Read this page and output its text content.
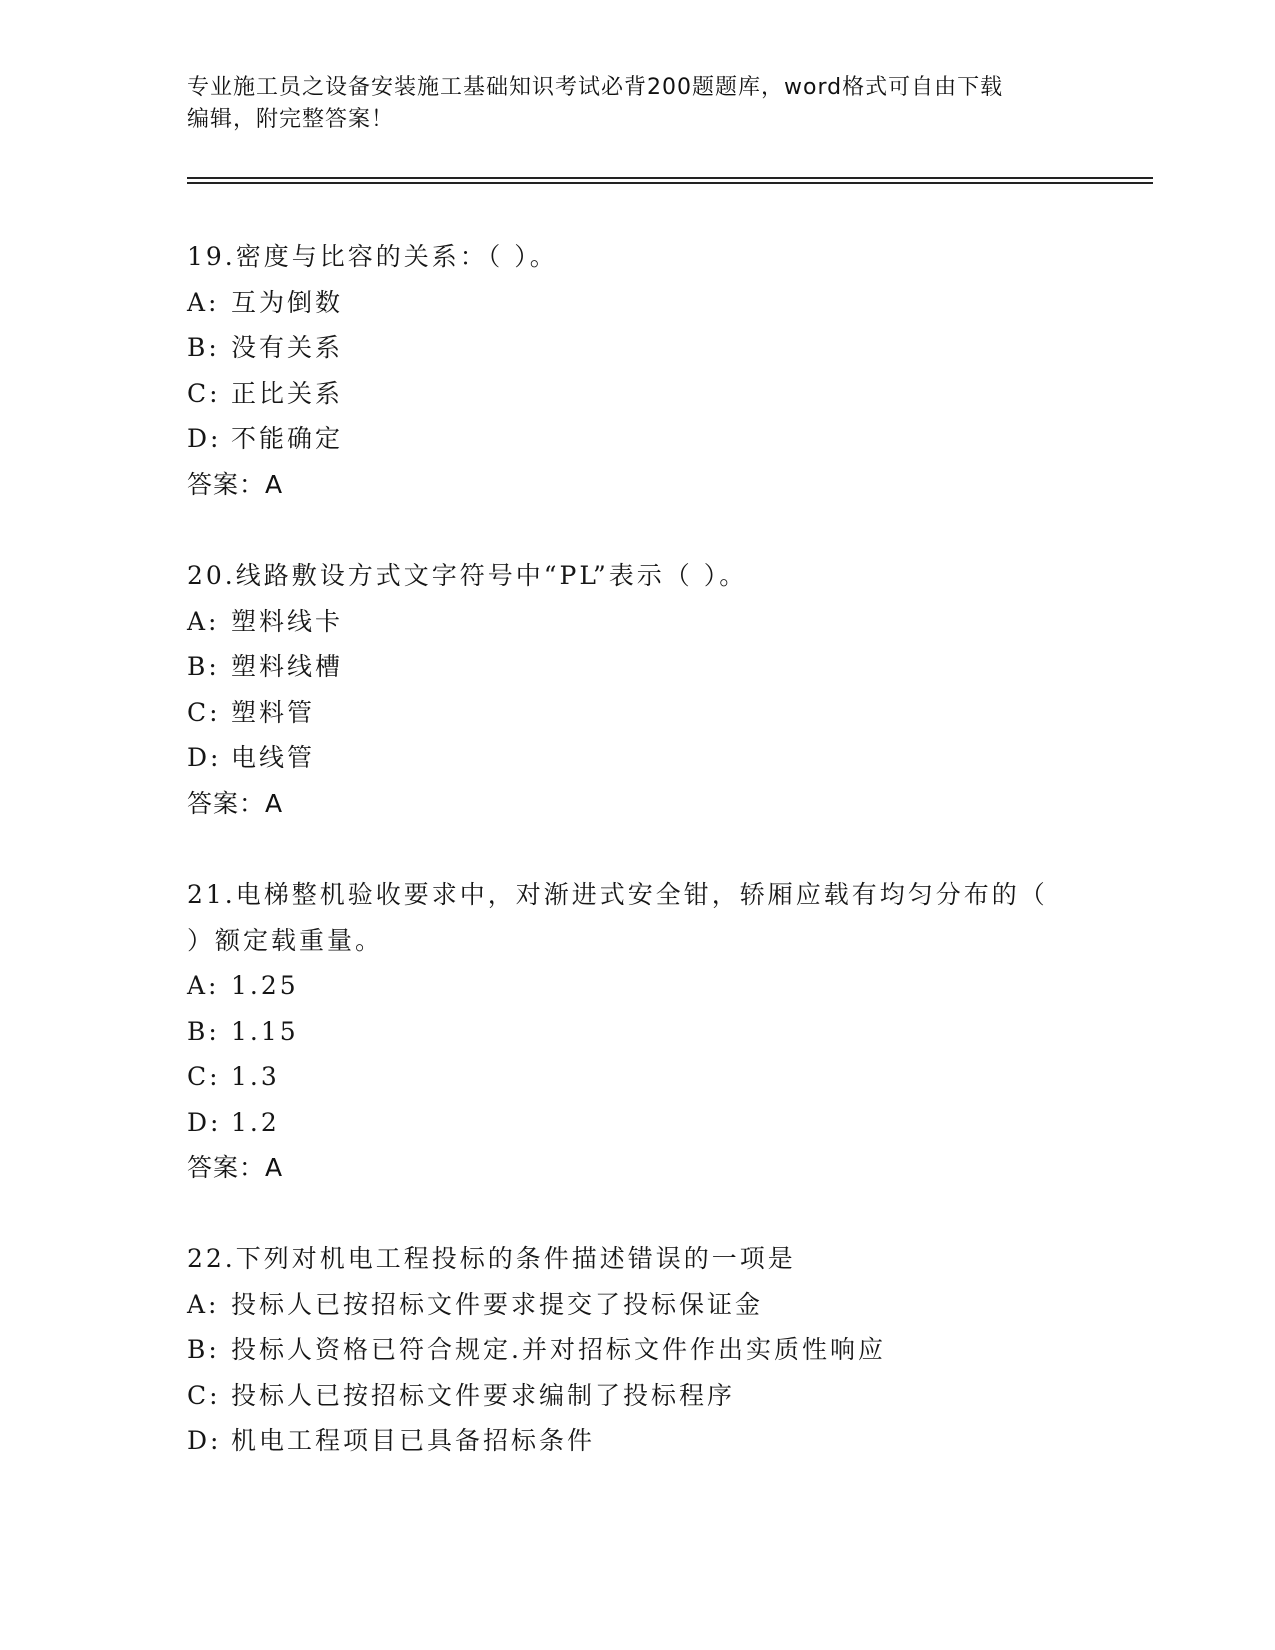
专业施工员之设备安装施工基础知识考试必背200题题库，word格式可自由下载
编辑，附完整答案！
19.密度与比容的关系：（ ）。
A: 互为倒数
B: 没有关系
C: 正比关系
D: 不能确定
答案：A
20.线路敷设方式文字符号中“PL”表示（ ）。
A: 塑料线卡
B: 塑料线槽
C: 塑料管
D: 电线管
答案：A
21.电梯整机验收要求中，对渐进式安全钳，轿厢应载有均匀分布的（
）额定载重量。
A: 1.25
B: 1.15
C: 1.3
D: 1.2
答案：A
22.下列对机电工程投标的条件描述错误的一项是
A: 投标人已按招标文件要求提交了投标保证金
B: 投标人资格已符合规定.并对招标文件作出实质性响应
C: 投标人已按招标文件要求编制了投标程序
D: 机电工程项目已具备招标条件
